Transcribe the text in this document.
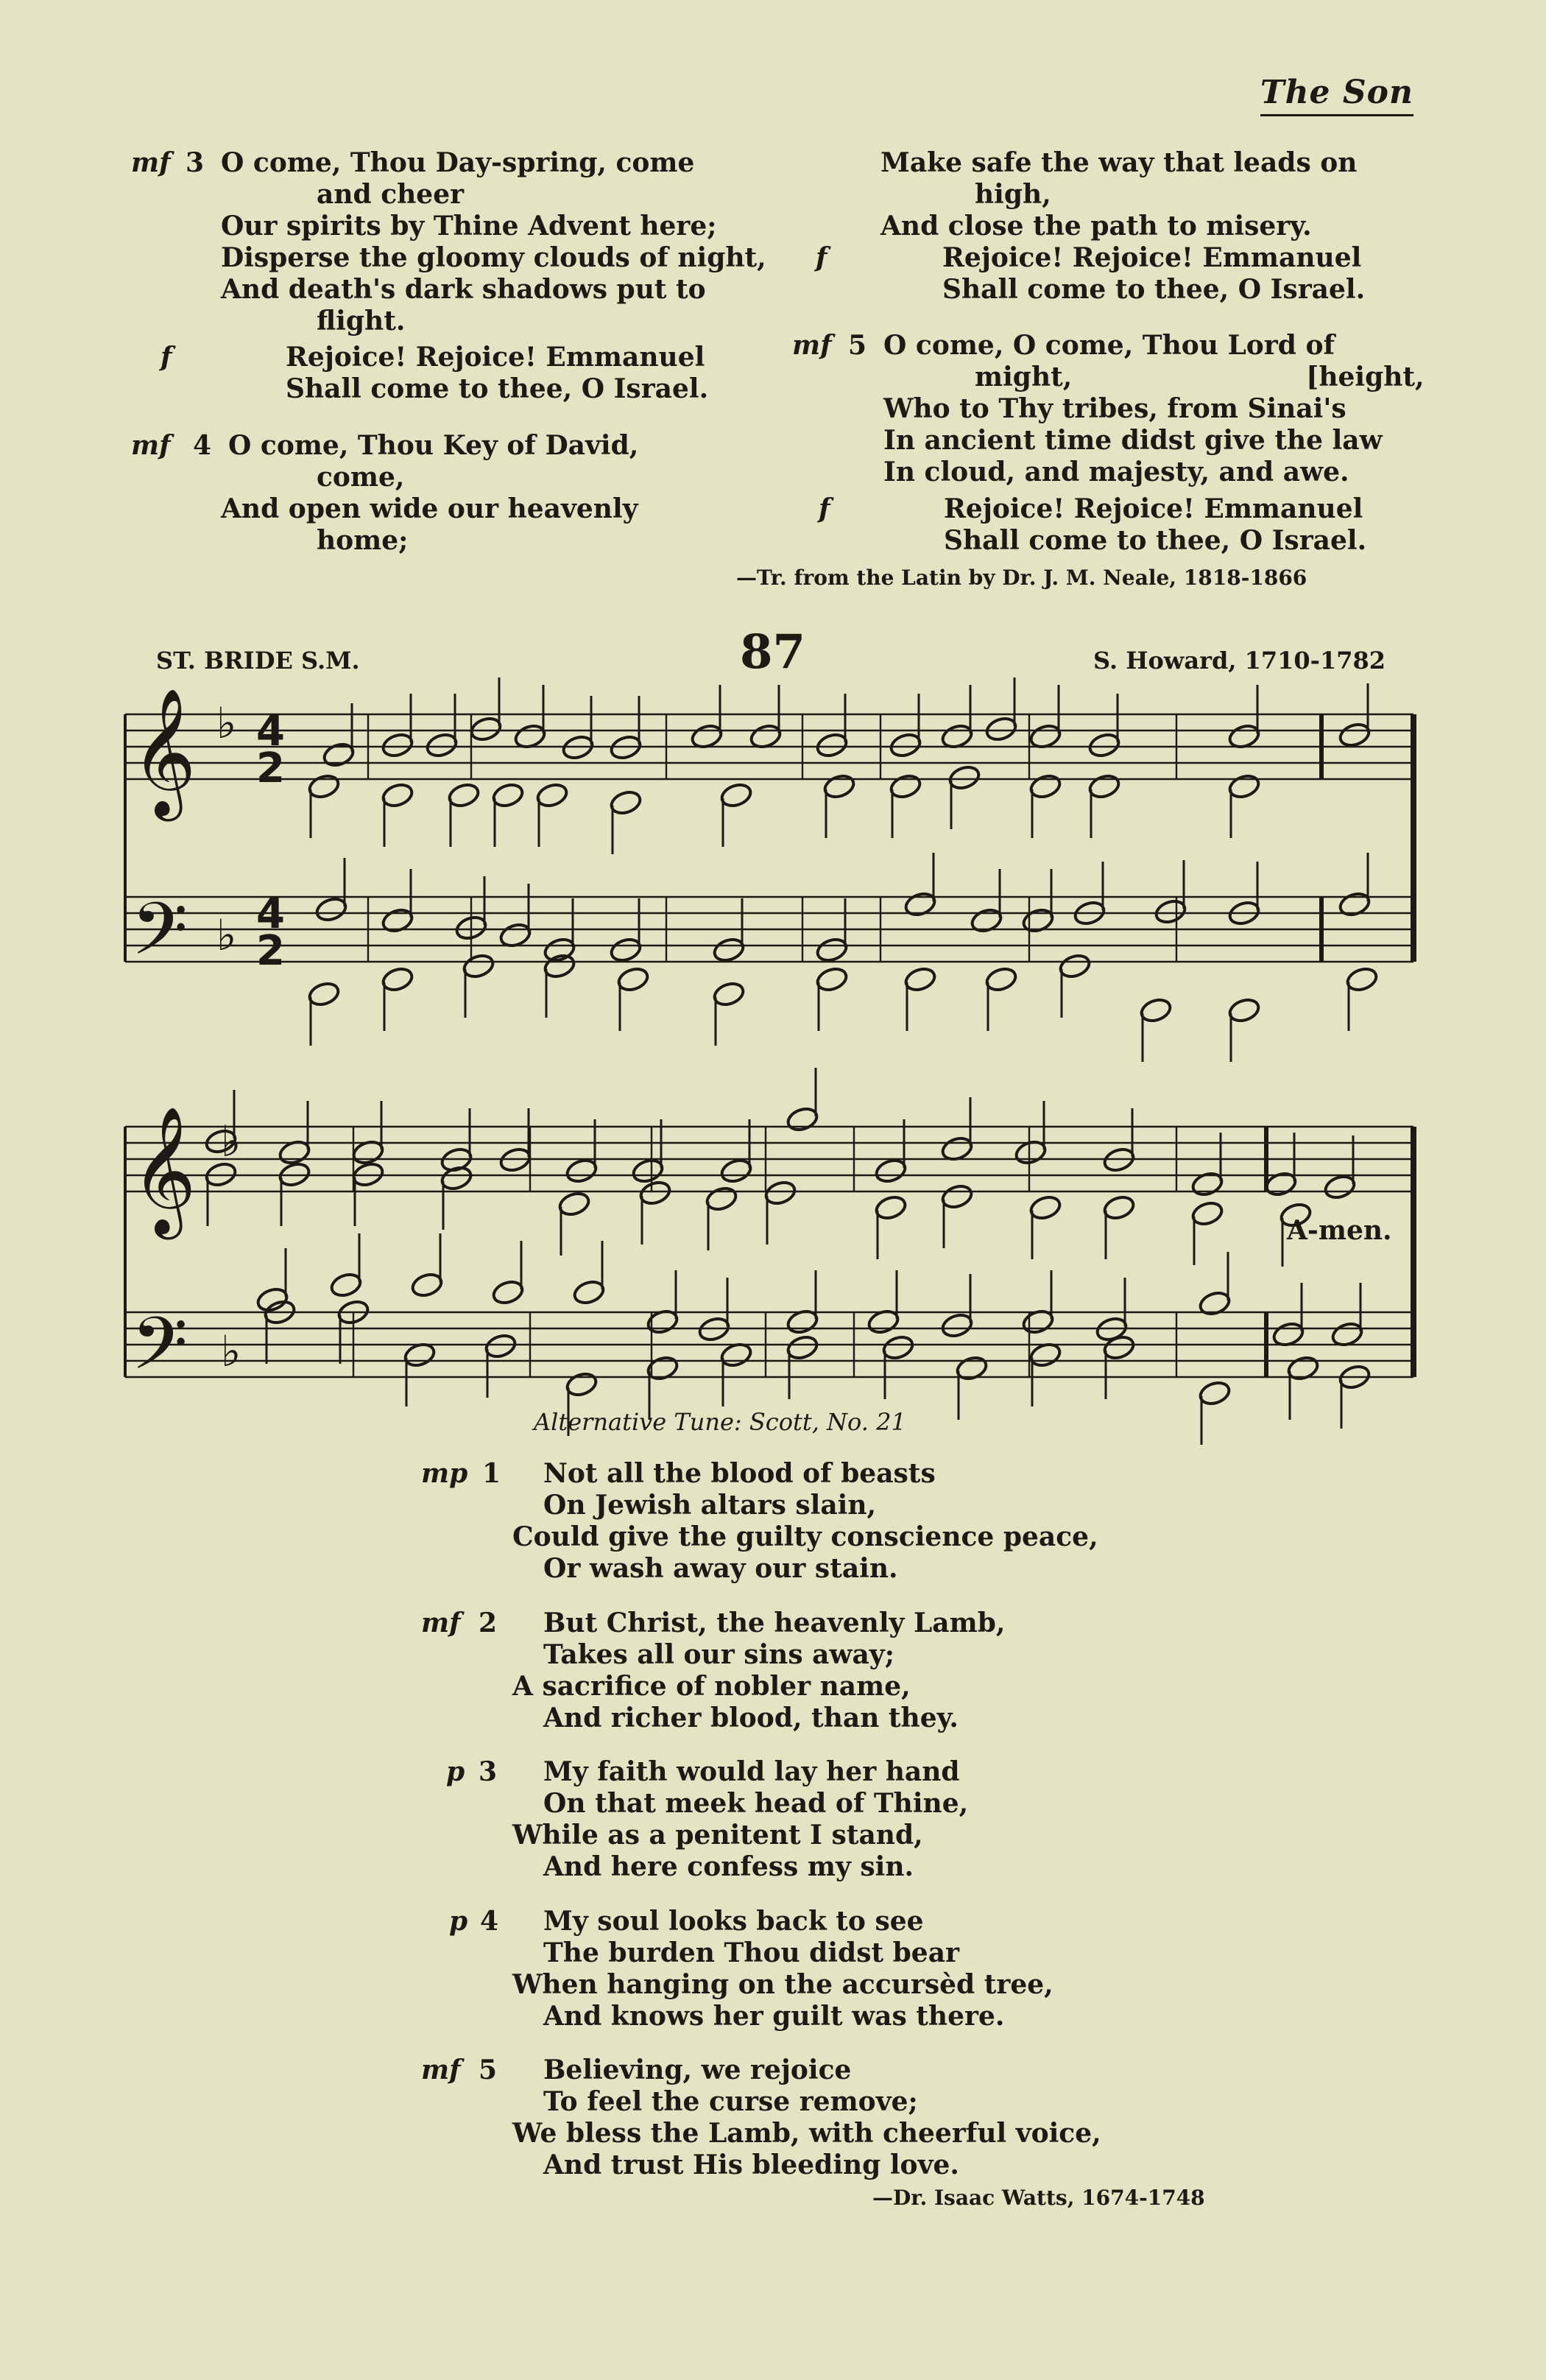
The Son
mf 3 O come, Thou Day-spring, come
and cheer
Our spirits by Thine Advent here;
Disperse the gloomy clouds of night,
And death's dark shadows put to
flight.
f	Rejoice! Rejoice! Emmanuel
Shall come to thee, O Israel.
mf 4 O come, Thou Key of David,
come,
And open wide our heavenly
home;
Make safe the way that leads on
high,
And close the path to misery.
f	Rejoice! Rejoice! Emmanuel
Shall come to thee, O Israel.
mf 5 O come, O come, Thou Lord of
might,	[height,
Who to Thy tribes, from Sinai's
In ancient time didst give the law
In cloud, and majesty, and awe.
f	Rejoice! Rejoice! Emmanuel
Shall come to thee, O Israel.
—Tr. from the Latin by Dr. J. M. Neale, 1818-1866
ST. BRIDE S.M.	87	S. Howard, 1710-1782
𝄞
𝄢
𝄞
𝄢
♭
♭
♭
♭
4
2
4
2
A-men.
Alternative Tune: Scott, No. 21
mp 1	Not all the blood of beasts
On Jewish altars slain,
Could give the guilty conscience peace,
Or wash away our stain.
mf 2	But Christ, the heavenly Lamb,
Takes all our sins away;
A sacrifice of nobler name,
And richer blood, than they.
p 3	My faith would lay her hand
On that meek head of Thine,
While as a penitent I stand,
And here confess my sin.
p 4	My soul looks back to see
The burden Thou didst bear
When hanging on the accursèd tree,
And knows her guilt was there.
mf 5	Believing, we rejoice
To feel the curse remove;
We bless the Lamb, with cheerful voice,
And trust His bleeding love.
—Dr. Isaac Watts, 1674-1748
